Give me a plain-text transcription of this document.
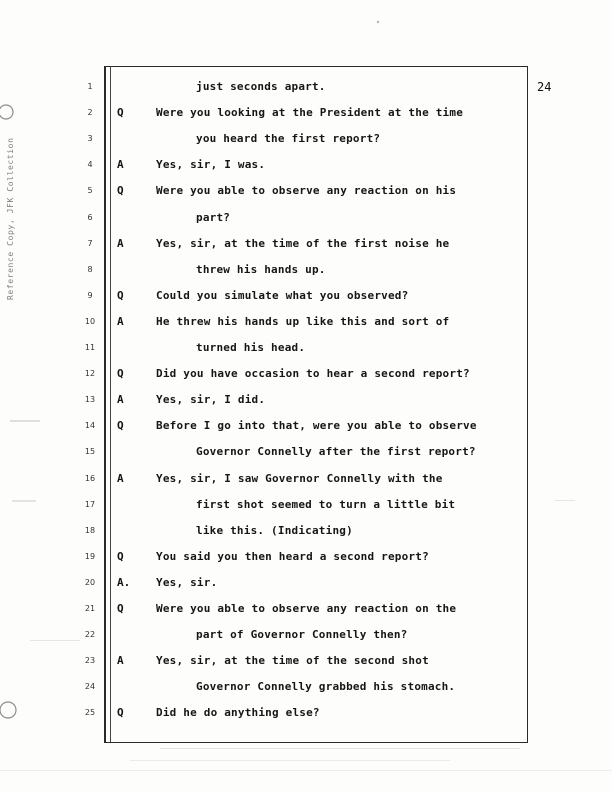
Reference Copy, JFK Collection
24
1	just seconds apart.
2	Q	Were you looking at the President at the time
3	you heard the first report?
4	A	Yes, sir, I was.
5	Q	Were you able to observe any reaction on his
6	part?
7	A	Yes, sir, at the time of the first noise he
8	threw his hands up.
9	Q	Could you simulate what you observed?
10 A	He threw his hands up like this and sort of
11	turned his head.
12 Q	Did you have occasion to hear a second report?
13 A	Yes, sir, I did.
14 Q	Before I go into that, were you able to observe
15	Governor Connelly after the first report?
16 A	Yes, sir, I saw Governor Connelly with the
17	first shot seemed to turn a little bit
18	like this. (Indicating)
19 Q	You said you then heard a second report?
20 A. Yes, sir.
21 Q	Were you able to observe any reaction on the
22	part of Governor Connelly then?
23 A	Yes, sir, at the time of the second shot
24	Governor Connelly grabbed his stomach.
25 Q	Did he do anything else?
